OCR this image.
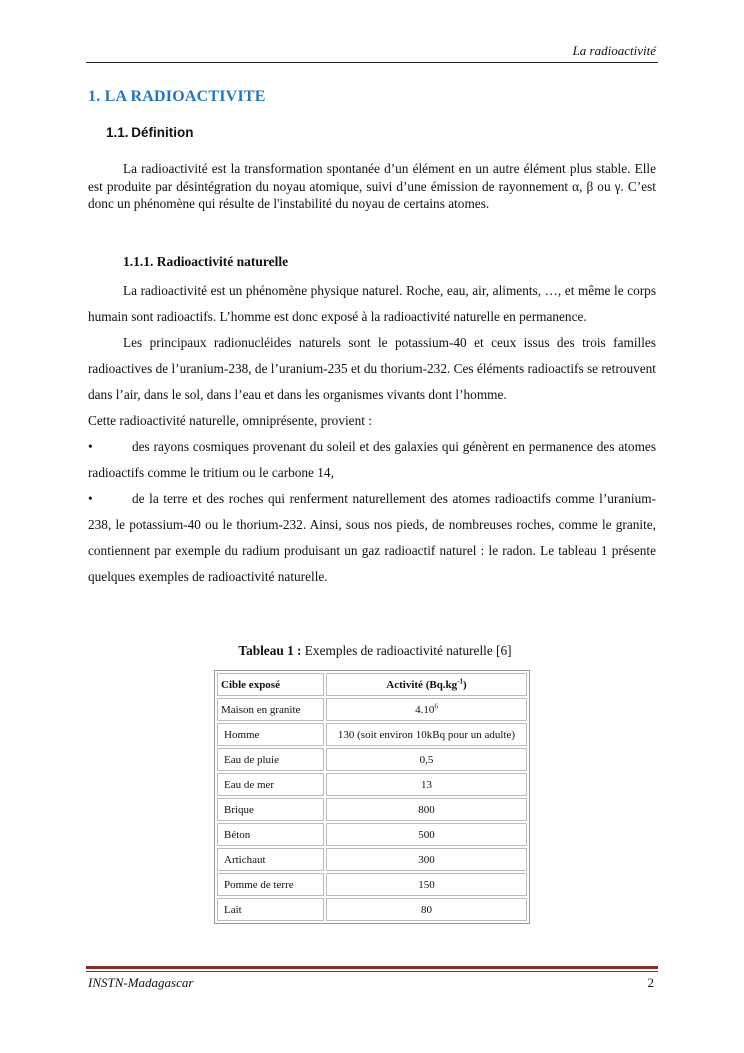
La radioactivité
1. LA RADIOACTIVITE
1.1. Définition
La radioactivité est la transformation spontanée d’un élément en un autre élément plus stable. Elle est produite par désintégration du noyau atomique, suivi d’une émission de rayonnement α, β ou γ. C’est donc un phénomène qui résulte de l'instabilité du noyau de certains atomes.
1.1.1. Radioactivité naturelle

La radioactivité est un phénomène physique naturel. Roche, eau, air, aliments, …, et même le corps humain sont radioactifs. L’homme est donc exposé à la radioactivité naturelle en permanence.

Les principaux radionucléides naturels sont le potassium-40 et ceux issus des trois familles radioactives de l’uranium-238, de l’uranium-235 et du thorium-232. Ces éléments radioactifs se retrouvent dans l’air, dans le sol, dans l’eau et dans les organismes vivants dont l’homme.

Cette radioactivité naturelle, omniprésente, provient :

•	des rayons cosmiques provenant du soleil et des galaxies qui génèrent en permanence des atomes radioactifs comme le tritium ou le carbone 14,

•	de la terre et des roches qui renferment naturellement des atomes radioactifs comme l’uranium- 238, le potassium-40 ou le thorium-232. Ainsi, sous nos pieds, de nombreuses roches, comme le granite, contiennent par exemple du radium produisant un gaz radioactif naturel : le radon. Le tableau 1 présente quelques exemples de radioactivité naturelle.

Tableau 1 : Exemples de radioactivité naturelle [6]
Cible exposé	Activité $(Bq.kg^{-1})$
Maison en granite	4.10$^6$
Homme	130 (soit environ 10kBq pour un adulte)
Eau de pluie	0,5
Eau de mer	13
Brique	800
Béton	500
Artichaut	300
Pomme de terre	150
Lait	80
INSTN-Madagascar	2
